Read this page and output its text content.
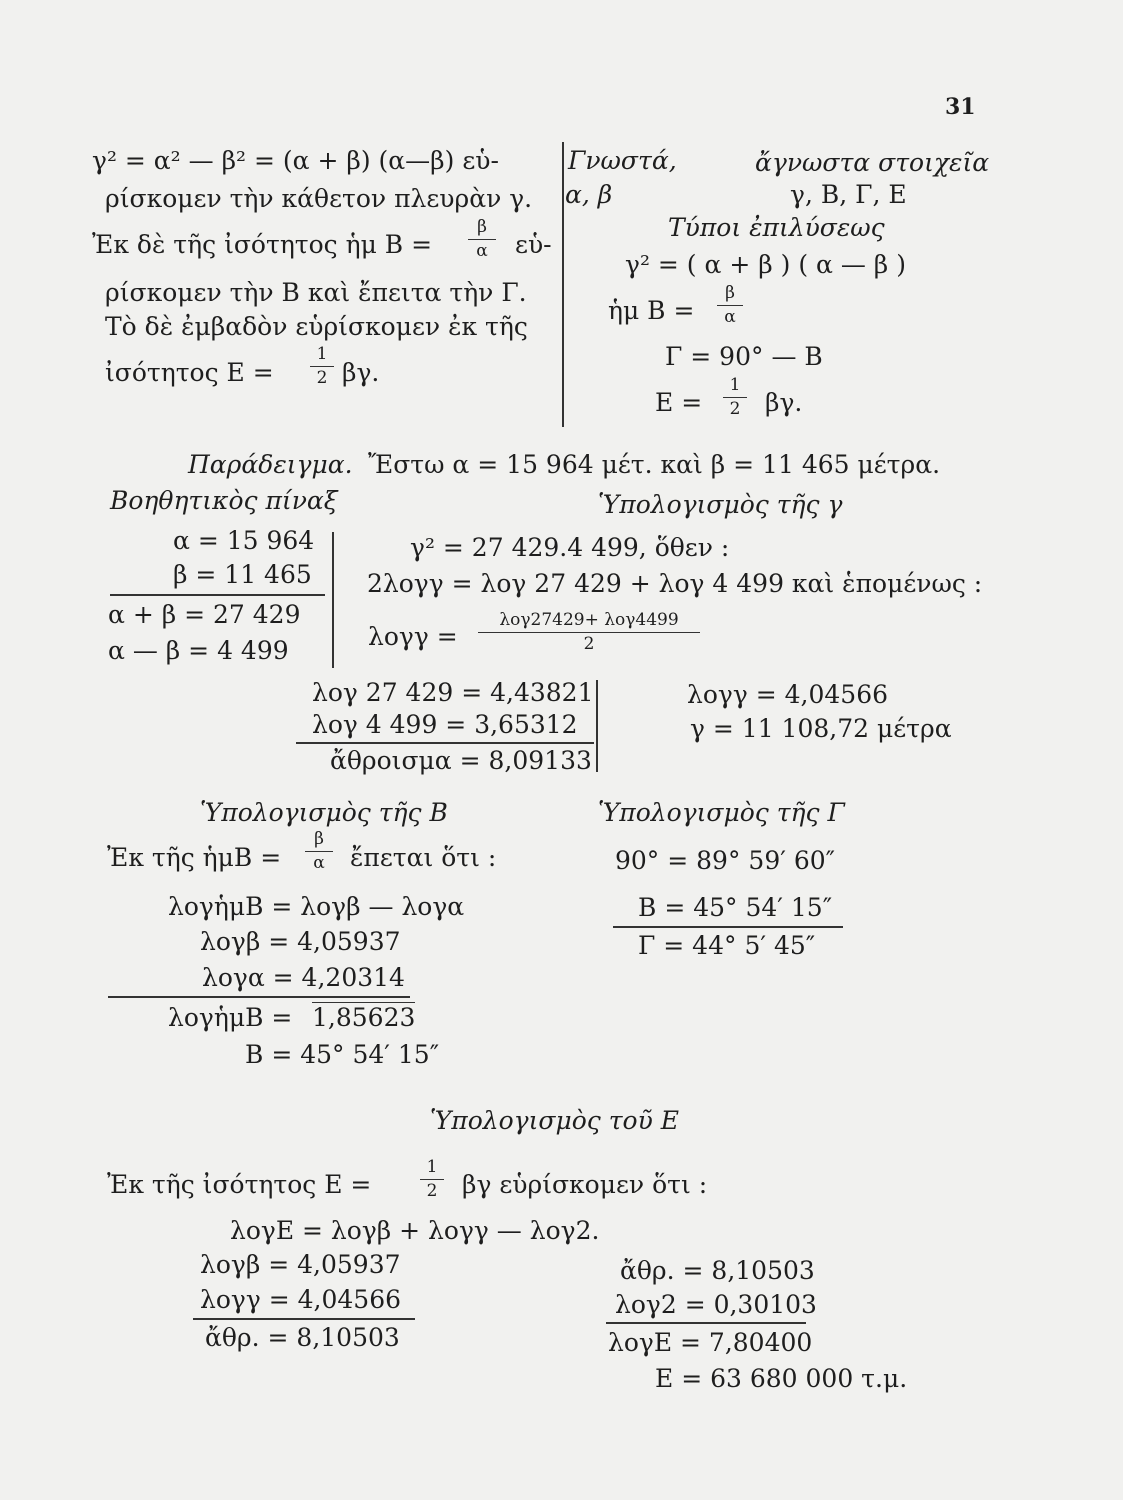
31
γ² = α² — β² = (α + β) (α—β) εὑ-
ρίσκομεν τὴν κάθετον πλευρὰν γ.
Ἐκ δὲ τῆς ἰσότητος ἡμ Β =
β
α	εὑ-
ρίσκομεν τὴν Β καὶ ἔπειτα τὴν Γ.
Τὸ δὲ ἐμβαδὸν εὑρίσκομεν ἐκ τῆς
ἰσότητος Ε =
1
2 βγ.
Γνωστά,	ἄγνωστα στοιχεῖα
α, β	γ, Β, Γ, Ε
Τύποι ἐπιλύσεως
γ² = ( α + β ) ( α — β )
ἡμ Β =
β
α
Γ = 90° — Β
Ε =
1
2 βγ.
Παράδειγμα. Ἔστω α = 15 964 μέτ. καὶ β = 11 465 μέτρα.
Βοηθητικὸς πίναξ
α = 15 964
β = 11 465
α + β = 27 429
α — β = 4 499
Ὑπολογισμὸς τῆς γ
γ² = 27 429.4 499, ὅθεν :
2λογγ = λογ 27 429 + λογ 4 499 καὶ ἑπομένως :
λογγ =
λογ27429+ λογ4499
2
λογ 27 429 = 4,43821
λογ 4 499 = 3,65312
ἄθροισμα = 8,09133
λογγ = 4,04566
γ = 11 108,72 μέτρα
Ὑπολογισμὸς τῆς Β
Ἐκ τῆς ἡμΒ =
β
α	ἔπεται ὅτι :
λογἡμΒ = λογβ — λογα
λογβ = 4,05937
λογα = 4,20314
λογἡμΒ = 1,85623
Β = 45° 54′ 15″
Ὑπολογισμὸς τῆς Γ
90° = 89° 59′ 60″
Β = 45° 54′ 15″
Γ = 44° 5′ 45″
Ὑπολογισμὸς τοῦ Ε
Ἐκ τῆς ἰσότητος Ε =
1
2 βγ εὑρίσκομεν ὅτι :
λογΕ = λογβ + λογγ — λογ2.
λογβ = 4,05937
λογγ = 4,04566
ἄθρ. = 8,10503
ἄθρ. = 8,10503
λογ2 = 0,30103
λογΕ = 7,80400
Ε = 63 680 000 τ.μ.
